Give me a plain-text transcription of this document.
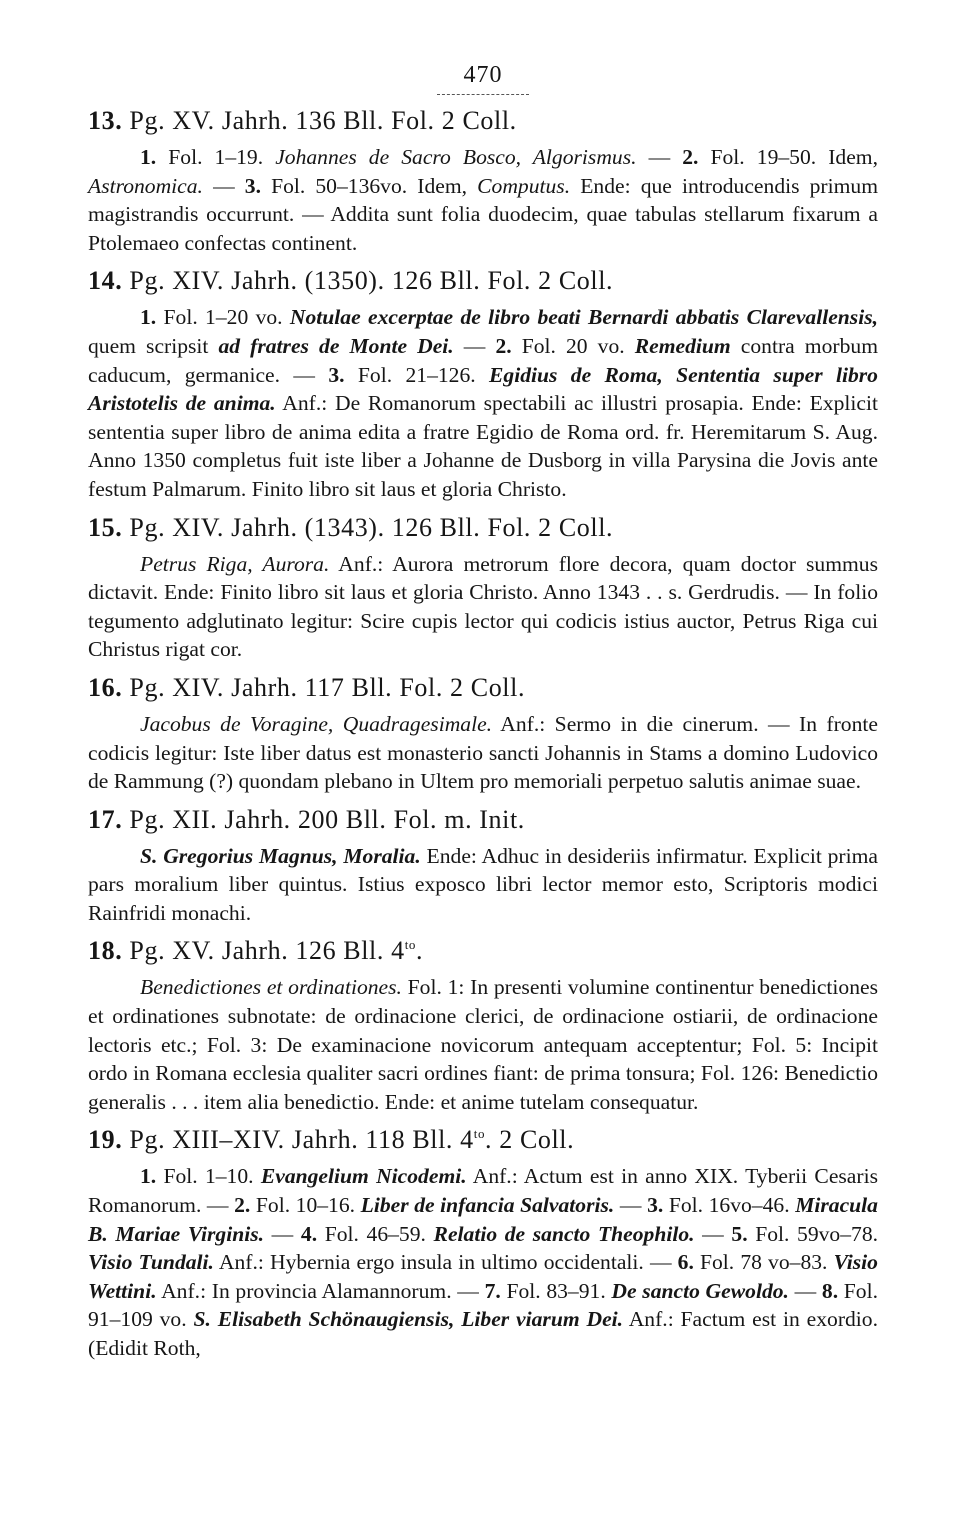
470
13. Pg. XV. Jahrh. 136 Bll. Fol. 2 Coll.

1. Fol. 1–19. Johannes de Sacro Bosco, Algorismus. — 2. Fol. 19–50. Idem, Astronomica. — 3. Fol. 50–136vo. Idem, Computus. Ende: que introducendis primum magistrandis occurrunt. — Addita sunt folia duodecim, quae tabulas stellarum fixarum a Ptolemaeo confectas continent.

14. Pg. XIV. Jahrh. (1350). 126 Bll. Fol. 2 Coll.

1. Fol. 1–20 vo. Notulae excerptae de libro beati Bernardi abbatis Clarevallensis, quem scripsit ad fratres de Monte Dei. — 2. Fol. 20 vo. Remedium contra morbum caducum, germanice. — 3. Fol. 21–126. Egidius de Roma, Sententia super libro Aristotelis de anima. Anf.: De Romanorum spectabili ac illustri prosapia. Ende: Explicit sententia super libro de anima edita a fratre Egidio de Roma ord. fr. Heremitarum S. Aug. Anno 1350 completus fuit iste liber a Johanne de Dusborg in villa Parysina die Jovis ante festum Palmarum. Finito libro sit laus et gloria Christo.

15. Pg. XIV. Jahrh. (1343). 126 Bll. Fol. 2 Coll.

Petrus Riga, Aurora. Anf.: Aurora metrorum flore decora, quam doctor summus dictavit. Ende: Finito libro sit laus et gloria Christo. Anno 1343 . . s. Gerdrudis. — In folio tegumento adglutinato legitur: Scire cupis lector qui codicis istius auctor, Petrus Riga cui Christus rigat cor.

16. Pg. XIV. Jahrh. 117 Bll. Fol. 2 Coll.

Jacobus de Voragine, Quadragesimale. Anf.: Sermo in die cinerum. — In fronte codicis legitur: Iste liber datus est monasterio sancti Johannis in Stams a domino Ludovico de Rammung (?) quondam plebano in Ultem pro memoriali perpetuo salutis animae suae.

17. Pg. XII. Jahrh. 200 Bll. Fol. m. Init.

S. Gregorius Magnus, Moralia. Ende: Adhuc in desideriis infirmatur. Explicit prima pars moralium liber quintus. Istius exposco libri lector memor esto, Scriptoris modici Rainfridi monachi.

18. Pg. XV. Jahrh. 126 Bll. $4^{to}$.

Benedictiones et ordinationes. Fol. 1: In presenti volumine continentur benedictiones et ordinationes subnotate: de ordinacione clerici, de ordinacione ostiarii, de ordinacione lectoris etc.; Fol. 3: De examinacione novicorum antequam acceptentur; Fol. 5: Incipit ordo in Romana ecclesia qualiter sacri ordines fiant: de prima tonsura; Fol. 126: Benedictio generalis . . . item alia benedictio. Ende: et anime tutelam consequatur.

19. Pg. XIII–XIV. Jahrh. 118 Bll. $4^{to}$. 2 Coll.

1. Fol. 1–10. Evangelium Nicodemi. Anf.: Actum est in anno XIX. Tyberii Cesaris Romanorum. — 2. Fol. 10–16. Liber de infancia Salvatoris. — 3. Fol. 16vo–46. Miracula B. Mariae Virginis. — 4. Fol. 46–59. Relatio de sancto Theophilo. — 5. Fol. 59vo–78. Visio Tundali. Anf.: Hybernia ergo insula in ultimo occidentali. — 6. Fol. 78 vo–83. Visio Wettini. Anf.: In provincia Alamannorum. — 7. Fol. 83–91. De sancto Gewoldo. — 8. Fol. 91–109 vo. S. Elisabeth Schönaugiensis, Liber viarum Dei. Anf.: Factum est in exordio. (Edidit Roth,
